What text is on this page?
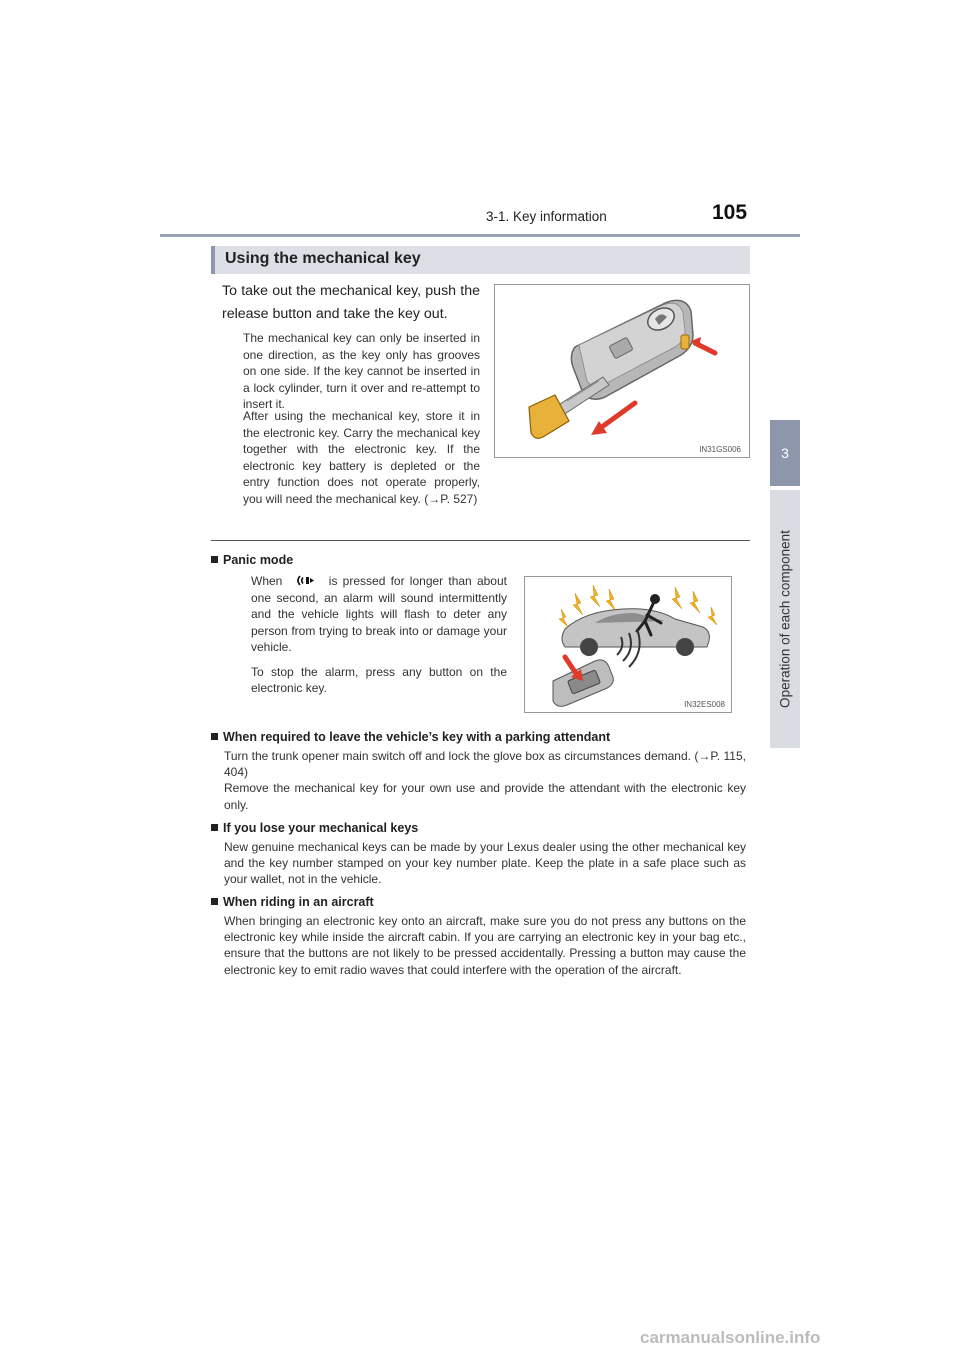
3-1. Key information	105
3
Operation of each component
Using the mechanical key
To take out the mechanical key, push the release button and take the key out.
The mechanical key can only be inserted in one direction, as the key only has grooves on one side. If the key cannot be inserted in a lock cylinder, turn it over and re-attempt to insert it.
After using the mechanical key, store it in the electronic key. Carry the mechanical key together with the electronic key. If the electronic key battery is depleted or the entry function does not operate properly, you will need the mechanical key. (→P. 527)
IN31GS006
Panic mode

When	is pressed for longer than about one second, an alarm will sound intermittently and the vehicle lights will flash to deter any person from trying to break into or damage your vehicle.

To stop the alarm, press any button on the electronic key.

IN32ES008
When required to leave the vehicle’s key with a parking attendant
Turn the trunk opener main switch off and lock the glove box as circumstances demand. (→P. 115, 404)
Remove the mechanical key for your own use and provide the attendant with the electronic key only.
If you lose your mechanical keys
New genuine mechanical keys can be made by your Lexus dealer using the other mechanical key and the key number stamped on your key number plate. Keep the plate in a safe place such as your wallet, not in the vehicle.
When riding in an aircraft
When bringing an electronic key onto an aircraft, make sure you do not press any buttons on the electronic key while inside the aircraft cabin. If you are carrying an electronic key in your bag etc., ensure that the buttons are not likely to be pressed accidentally. Pressing a button may cause the electronic key to emit radio waves that could interfere with the operation of the aircraft.
carmanualsonline.info
